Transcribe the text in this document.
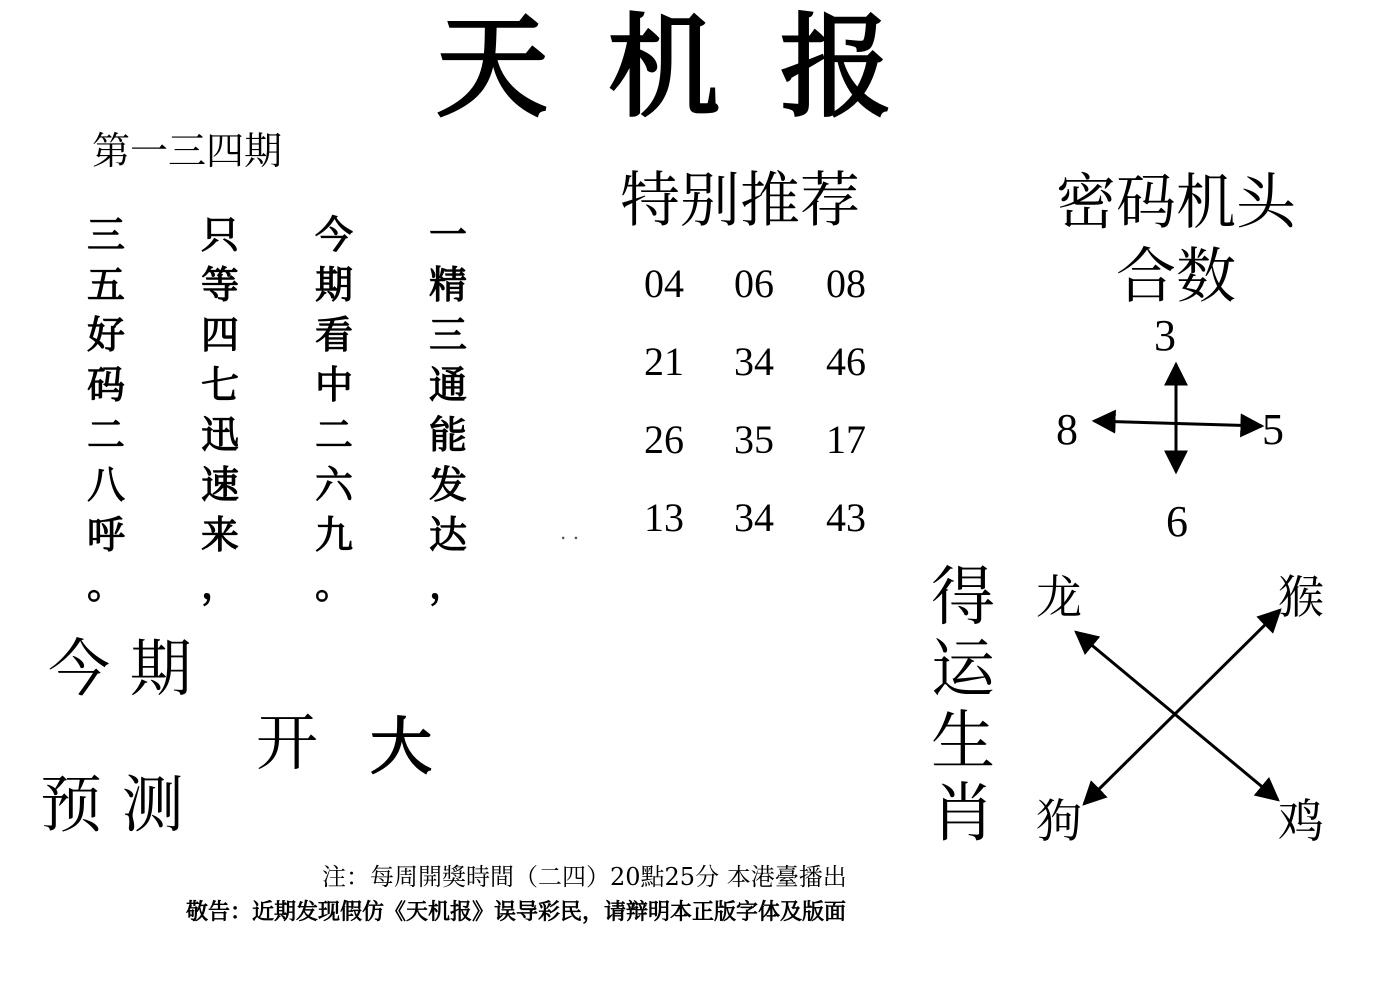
天机报
第一三四期
三
五
好
码
二
八
呼
。
只
等
四
七
迅
速
来
，
今
期
看
中
二
六
九
。
一
精
三
通
能
发
达
，
今 期
预 测
开 大
. .
特别推荐
04	06	08
21	34	46
26	35	17
13	34	43
密码机头
合数
3
8	5
6
得
运
生
肖
龙	猴
狗	鸡
注：每周開獎時間（二四）20點25分 本港臺播出
敬告：近期发现假仿《天机报》误导彩民，请辩明本正版字体及版面
